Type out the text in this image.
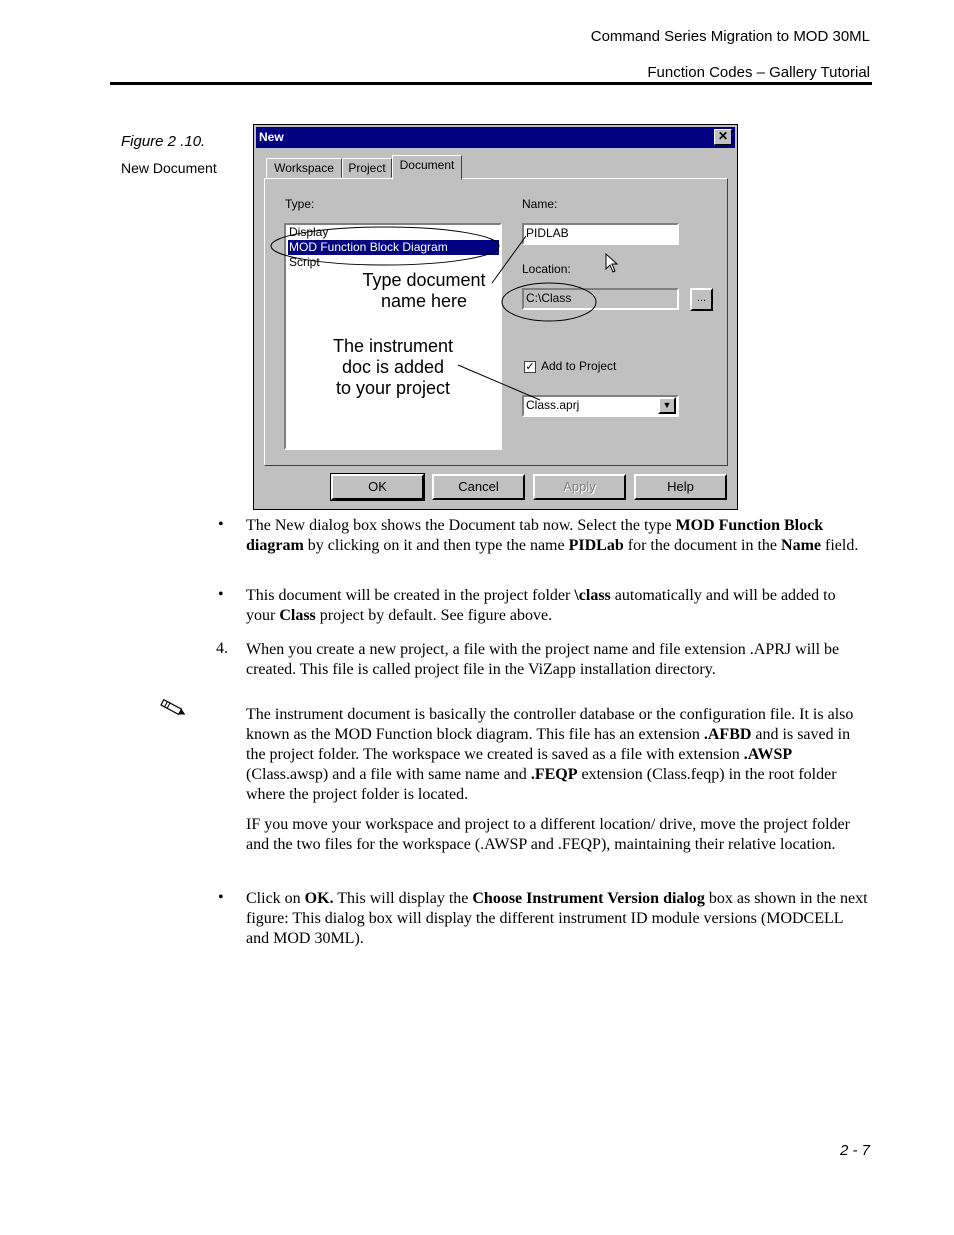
Command Series Migration to MOD 30ML
Function Codes – Gallery Tutorial
Figure 2 .10.
New Document
New	✕
Workspace	Project	Document
Type:
Display
MOD Function Block Diagram
Script
Name:
PIDLAB
Location:
C:\Class	...
✓ Add to Project
Class.aprj	▼
OK	Cancel	Apply	Help
Type document
name here
The instrument
doc is added
to your project
• The New dialog box shows the Document tab now. Select the type MOD Function Block diagram by clicking on it and then type the name PIDLab for the document in the Name field.
• This document will be created in the project folder \class automatically and will be added to your Class project by default. See figure above.
4. When you create a new project, a file with the project name and file extension .APRJ will be created. This file is called project file in the ViZapp installation directory.
The instrument document is basically the controller database or the configuration file. It is also known as the MOD Function block diagram. This file has an extension .AFBD and is saved in the project folder. The workspace we created is saved as a file with extension .AWSP (Class.awsp) and a file with same name and .FEQP extension (Class.feqp) in the root folder where the project folder is located.
IF you move your workspace and project to a different location/ drive, move the project folder and the two files for the workspace (.AWSP and .FEQP), maintaining their relative location.
• Click on OK. This will display the Choose Instrument Version dialog box as shown in the next figure: This dialog box will display the different instrument ID module versions (MODCELL and MOD 30ML).
2 - 7
